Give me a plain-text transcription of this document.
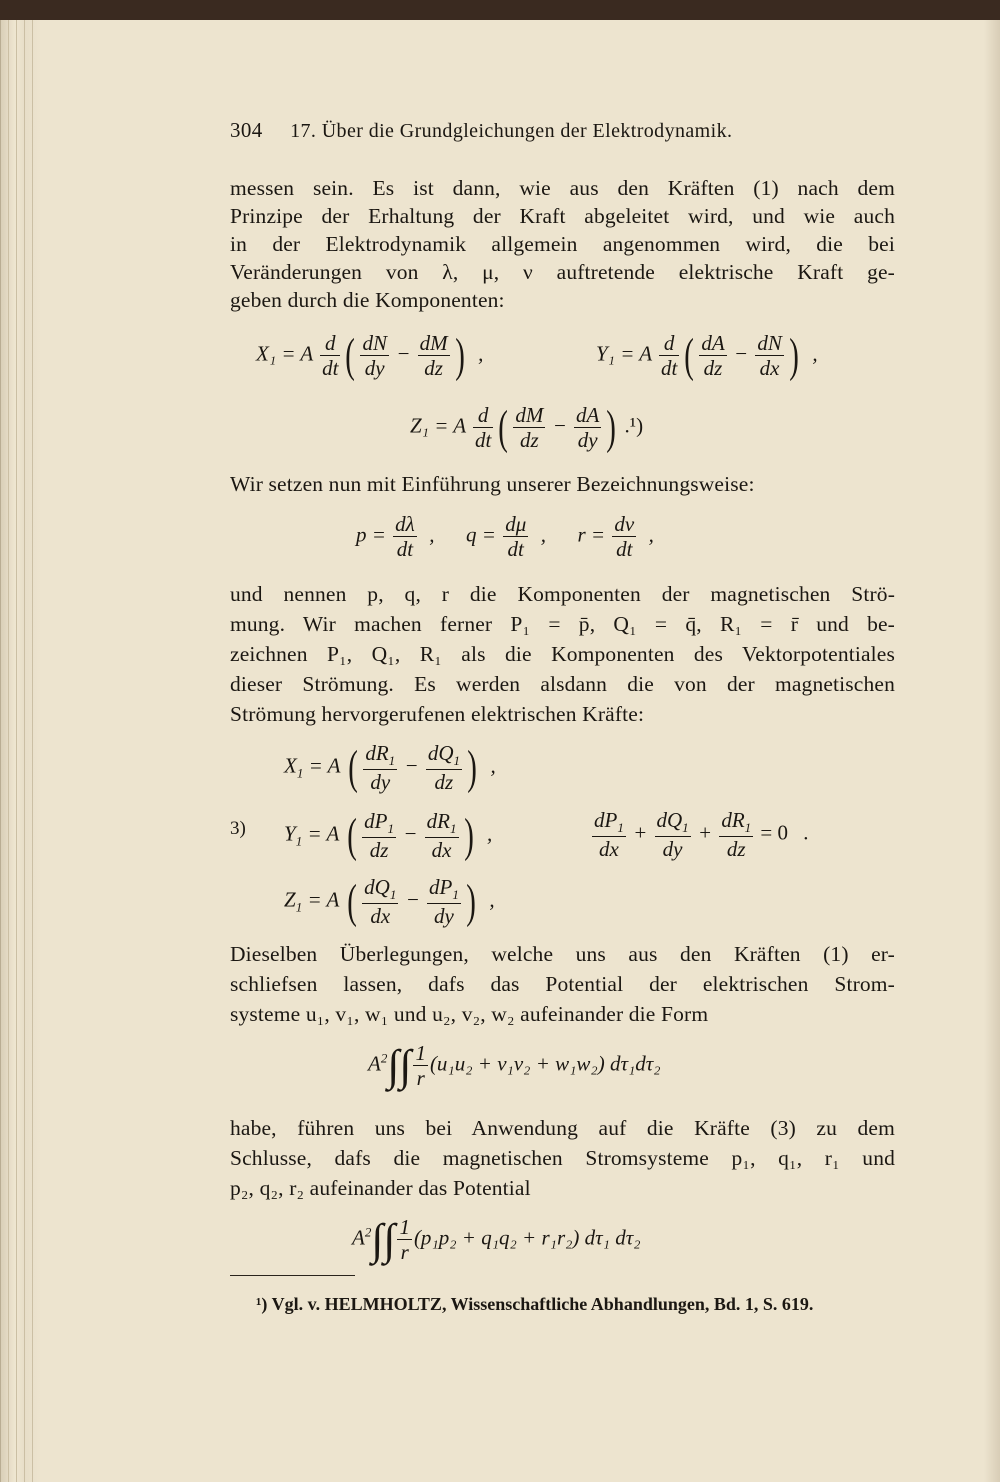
304 17. Über die Grundgleichungen der Elektrodynamik.
messen sein. Es ist dann, wie aus den Kräften (1) nach dem
Prinzipe der Erhaltung der Kraft abgeleitet wird, und wie auch
in der Elektrodynamik allgemein angenommen wird, die bei
Veränderungen von λ, μ, ν auftretende elektrische Kraft ge-
geben durch die Komponenten:
X₁ = A $\frac{d}{dt}$ ( $\frac{dN}{dy} - \frac{dM}{dz}$ )  ,	Y₁ = A $\frac{d}{dt}$ ( $\frac{dA}{dz} - \frac{dN}{dx}$ )  ,
Z₁ = A $\frac{d}{dt}$ ( $\frac{dM}{dz} - \frac{dA}{dy}$ ) .¹)
Wir setzen nun mit Einführung unserer Bezeichnungsweise:
$p = \frac{d\lambda}{dt}$ ,      $q = \frac{d\mu}{dt}$ ,      $r = \frac{d\nu}{dt}$ ,
und nennen p, q, r die Komponenten der magnetischen Strö-
mung. Wir machen ferner P₁ = p̄, Q₁ = q̄, R₁ = r̄ und be-
zeichnen P₁, Q₁, R₁ als die Komponenten des Vektorpotentiales
dieser Strömung. Es werden alsdann die von der magnetischen
Strömung hervorgerufenen elektrischen Kräfte:
3)
$X_1 = A$ ( $\frac{dR_1}{dy} - \frac{dQ_1}{dz}$ )  ,
$Y_1 = A$ ( $\frac{dP_1}{dz} - \frac{dR_1}{dx}$ )  ,	$\frac{dP_1}{dx} + \frac{dQ_1}{dy} + \frac{dR_1}{dz} = 0$   .
$Z_1 = A$ ( $\frac{dQ_1}{dx} - \frac{dP_1}{dy}$ )  ,
Dieselben Überlegungen, welche uns aus den Kräften (1) er-
schliefsen lassen, dafs das Potential der elektrischen Strom-
systeme u₁, v₁, w₁ und u₂, v₂, w₂ aufeinander die Form
$A^2\int\int \frac{1}{r} (u_1u_2 + v_1v_2 + w_1w_2)$ dτ₁dτ₂
habe, führen uns bei Anwendung auf die Kräfte (3) zu dem
Schlusse, dafs die magnetischen Stromsysteme p₁, q₁, r₁ und
p₂, q₂, r₂ aufeinander das Potential
$A^2\int\int \frac{1}{r} (p_1p_2 + q_1q_2 + r_1r_2)$ dτ₁ dτ₂
¹) Vgl. v. HELMHOLTZ, Wissenschaftliche Abhandlungen, Bd. 1, S. 619.
